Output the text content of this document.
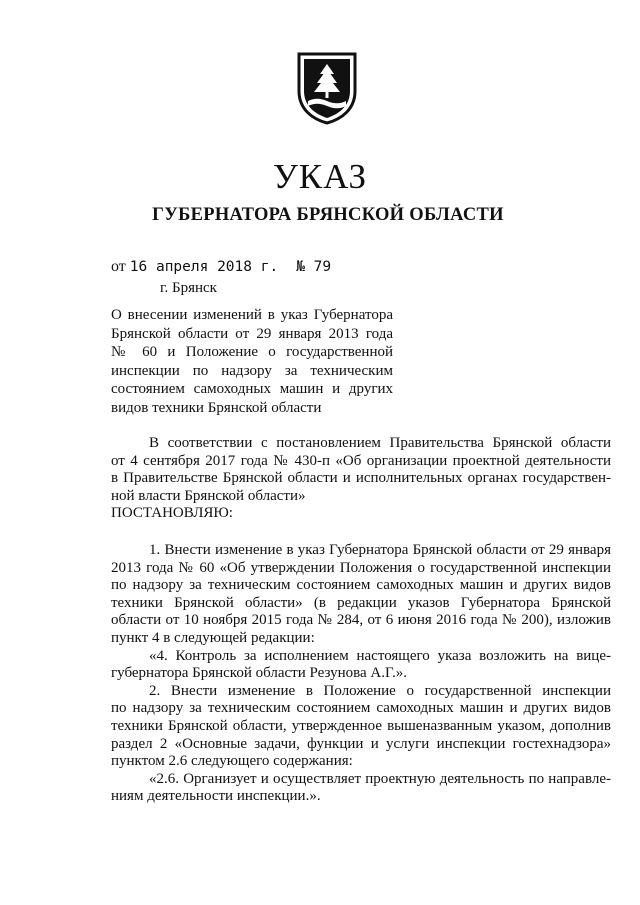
УКАЗ
ГУБЕРНАТОРА БРЯНСКОЙ ОБЛАСТИ
от 16 апреля 2018 г. № 79
г. Брянск
О внесении изменений в указ Губернатора
Брянской области от 29 января 2013 года
№ 60 и Положение о государственной
инспекции по надзору за техническим
состоянием самоходных машин и других
видов техники Брянской области
В соответствии с постановлением Правительства Брянской области
от 4 сентября 2017 года № 430-п «Об организации проектной деятельности
в Правительстве Брянской области и исполнительных органах государствен-
ной власти Брянской области»
ПОСТАНОВЛЯЮ:
1. Внести изменение в указ Губернатора Брянской области от 29 января
2013 года № 60 «Об утверждении Положения о государственной инспекции
по надзору за техническим состоянием самоходных машин и других видов
техники Брянской области» (в редакции указов Губернатора Брянской
области от 10 ноября 2015 года № 284, от 6 июня 2016 года № 200), изложив
пункт 4 в следующей редакции:
«4. Контроль за исполнением настоящего указа возложить на вице-
губернатора Брянской области Резунова А.Г.».
2. Внести изменение в Положение о государственной инспекции
по надзору за техническим состоянием самоходных машин и других видов
техники Брянской области, утвержденное вышеназванным указом, дополнив
раздел 2 «Основные задачи, функции и услуги инспекции гостехнадзора»
пунктом 2.6 следующего содержания:
«2.6. Организует и осуществляет проектную деятельность по направле-
ниям деятельности инспекции.».
